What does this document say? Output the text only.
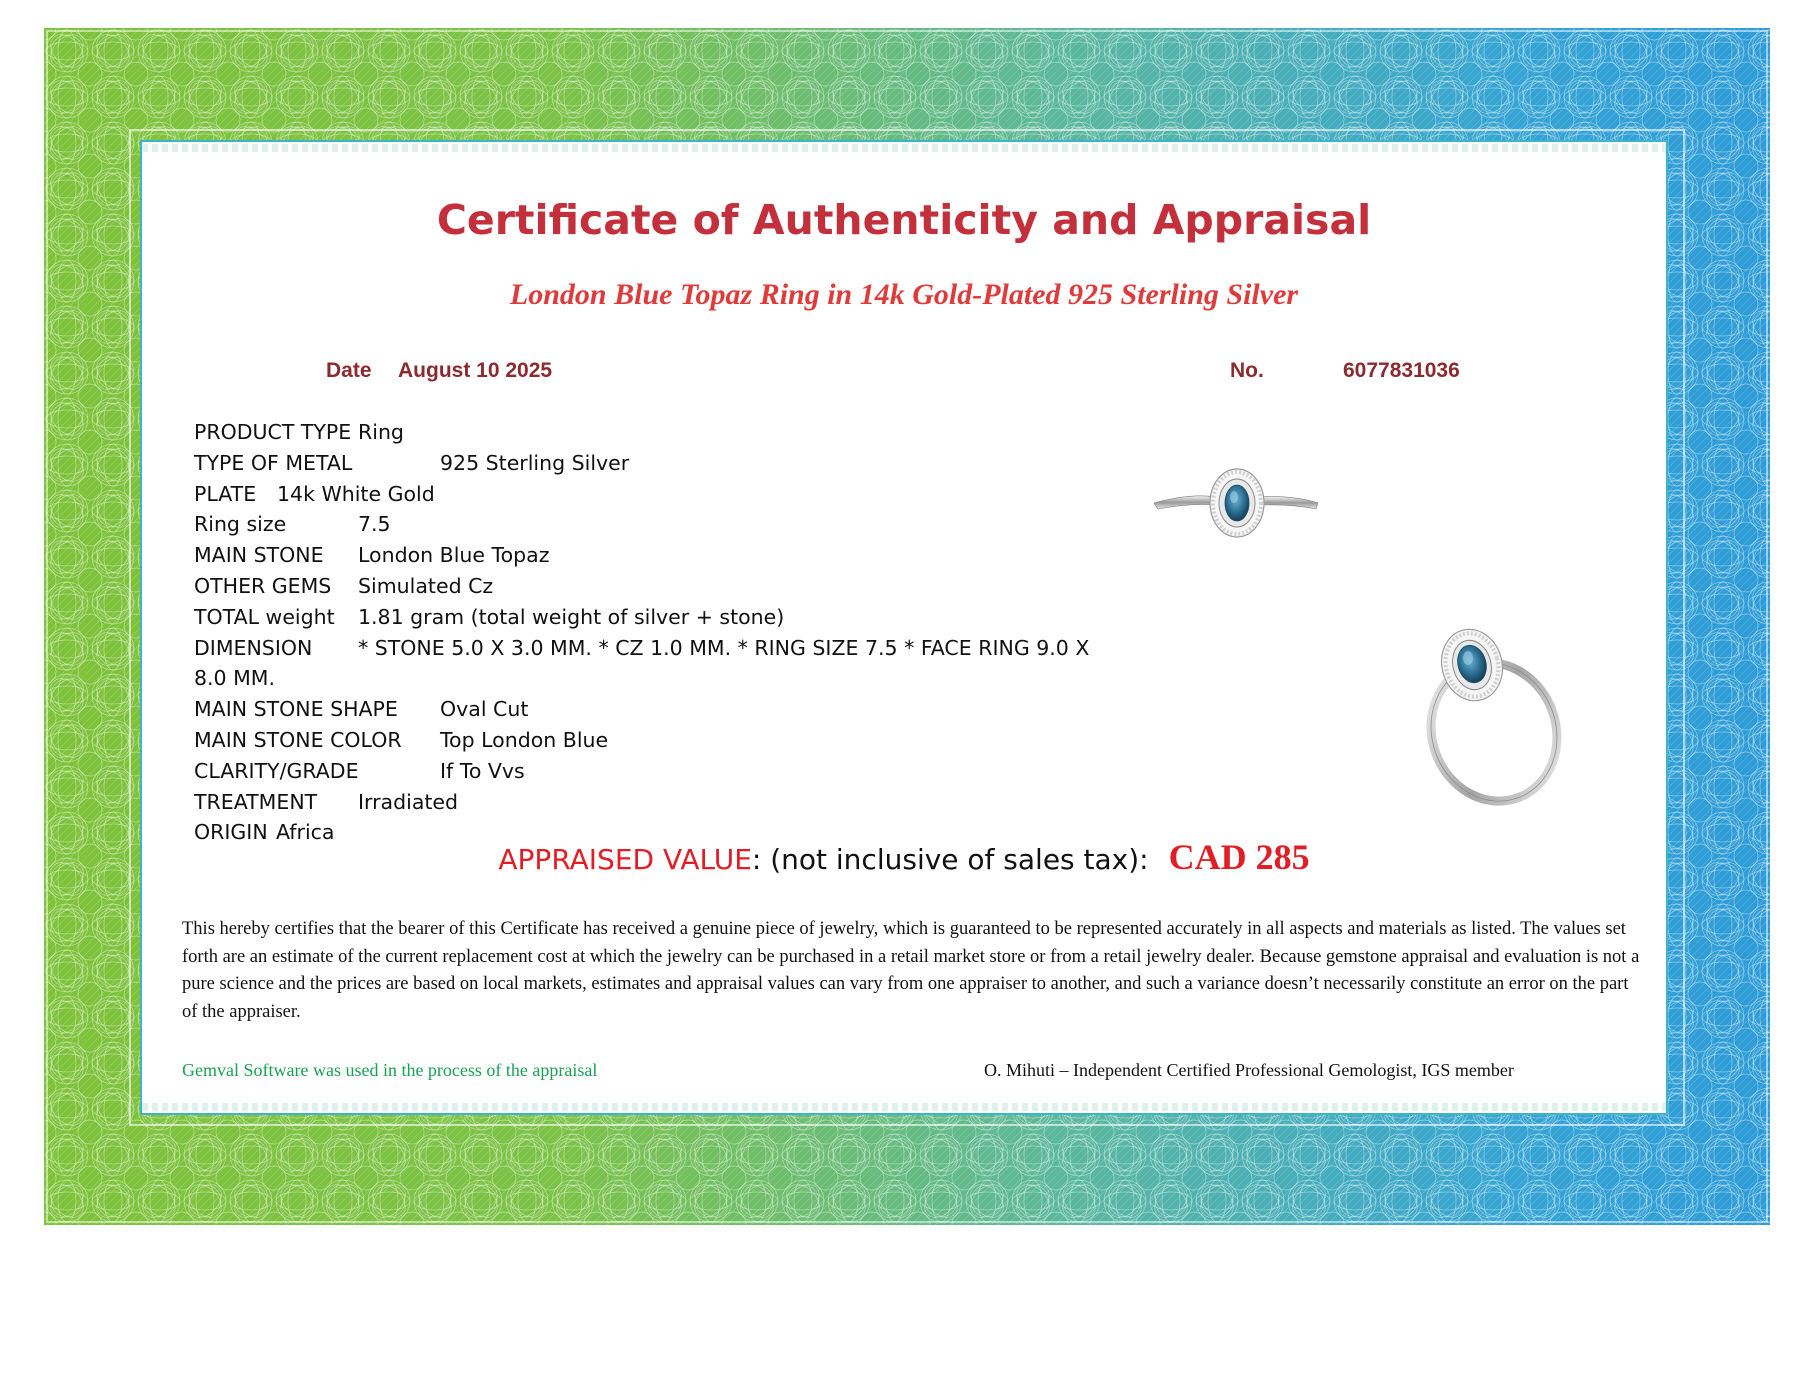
Certificate of Authenticity and Appraisal
London Blue Topaz Ring in 14k Gold-Plated 925 Sterling Silver
Date August 10 2025	No.	6077831036
PRODUCT TYPE Ring
TYPE OF METAL	925 Sterling Silver
PLATE 14k White Gold
Ring size	7.5
MAIN STONE London Blue Topaz
OTHER GEMS Simulated Cz
TOTAL weight 1.81 gram (total weight of silver + stone)
DIMENSION * STONE 5.0 X 3.0 MM. * CZ 1.0 MM. * RING SIZE 7.5 * FACE RING 9.0 X
8.0 MM.
MAIN STONE SHAPE Oval Cut
MAIN STONE COLOR Top London Blue
CLARITY/GRADE	If To Vvs
TREATMENT Irradiated
ORIGIN Africa
APPRAISED VALUE: (not inclusive of sales tax): CAD 285
This hereby certifies that the bearer of this Certificate has received a genuine piece of jewelry, which is guaranteed to be represented accurately in all aspects and materials as listed. The values set forth are an estimate of the current replacement cost at which the jewelry can be purchased in a retail market store or from a retail jewelry dealer. Because gemstone appraisal and evaluation is not a pure science and the prices are based on local markets, estimates and appraisal values can vary from one appraiser to another, and such a variance doesn’t necessarily constitute an error on the part of the appraiser.
Gemval Software was used in the process of the appraisal	O. Mihuti – Independent Certified Professional Gemologist, IGS member
